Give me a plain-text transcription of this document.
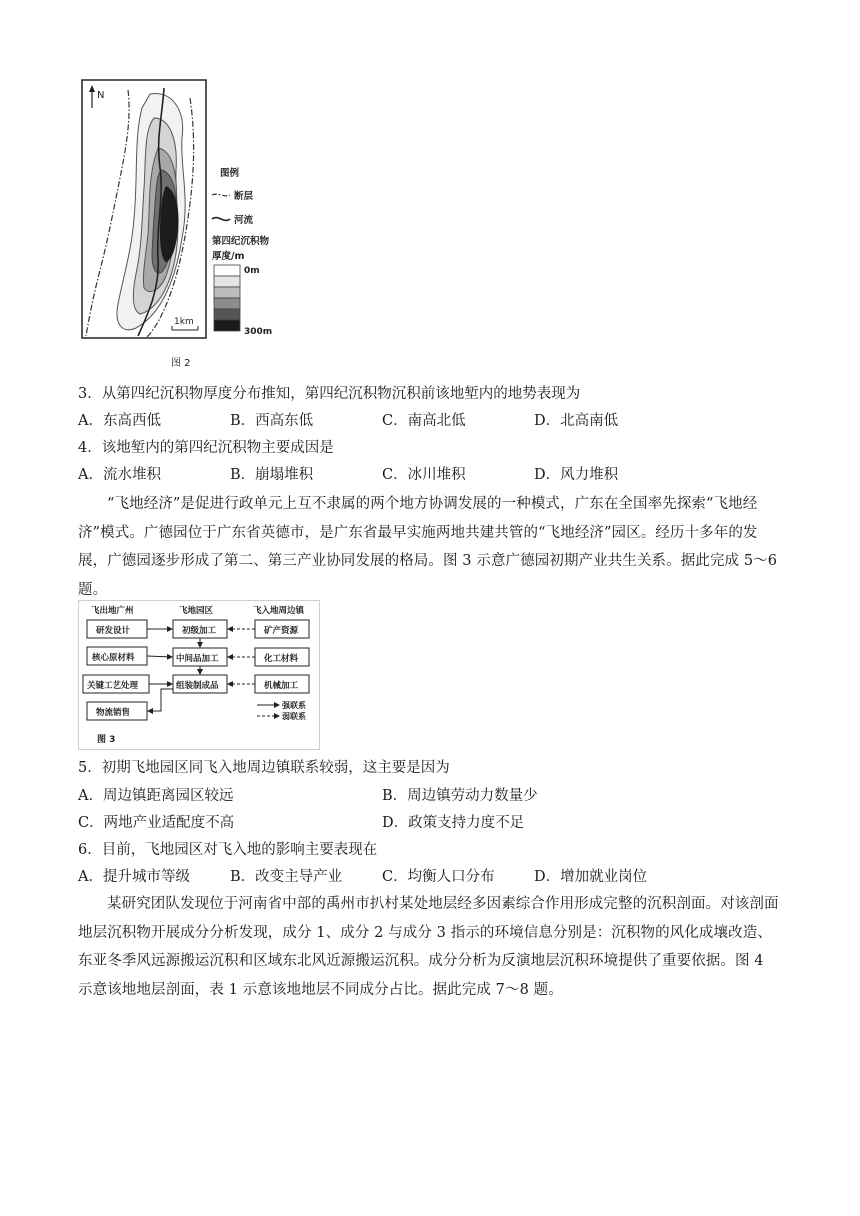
N
1km
图例
断层
河流
第四纪沉积物
厚度/m
0m
300m
图 2
3．从第四纪沉积物厚度分布推知，第四纪沉积物沉积前该地堑内的地势表现为
A．东高西低	B．西高东低	C．南高北低	D．北高南低
4．该地堑内的第四纪沉积物主要成因是
A．流水堆积	B．崩塌堆积	C．冰川堆积	D．风力堆积
“飞地经济”是促进行政单元上互不隶属的两个地方协调发展的一种模式，广东在全国率先探索“飞地经济”模式。广德园位于广东省英德市，是广东省最早实施两地共建共管的“飞地经济”园区。经历十多年的发展，广德园逐步形成了第二、第三产业协同发展的格局。图 3 示意广德园初期产业共生关系。据此完成 5～6 题。
飞出地广州	飞地园区	飞入地周边镇
研发设计
核心原材料
关键工艺处理
物流销售
初级加工
中间品加工
组装制成品
矿产资源
化工材料
机械加工
强联系
弱联系
图 3
5．初期飞地园区同飞入地周边镇联系较弱，这主要是因为
A．周边镇距离园区较远	B．周边镇劳动力数量少
C．两地产业适配度不高	D．政策支持力度不足
6．目前，飞地园区对飞入地的影响主要表现在
A．提升城市等级	B．改变主导产业	C．均衡人口分布	D．增加就业岗位
某研究团队发现位于河南省中部的禹州市扒村某处地层经多因素综合作用形成完整的沉积剖面。对该剖面地层沉积物开展成分分析发现，成分 1、成分 2 与成分 3 指示的环境信息分别是：沉积物的风化成壤改造、东亚冬季风远源搬运沉积和区域东北风近源搬运沉积。成分分析为反演地层沉积环境提供了重要依据。图 4 示意该地地层剖面，表 1 示意该地地层不同成分占比。据此完成 7～8 题。
